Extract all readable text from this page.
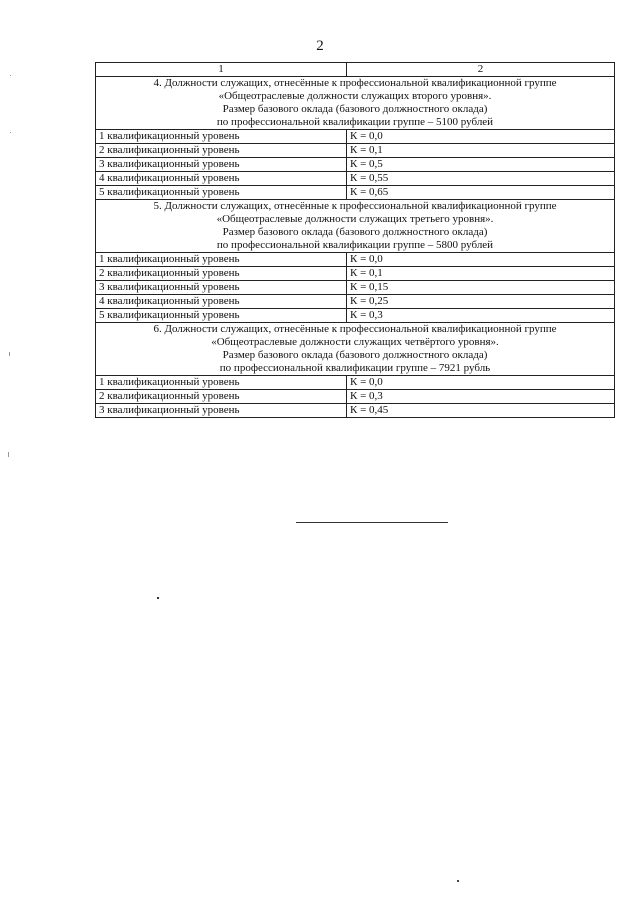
2
1	2
4. Должности служащих, отнесённые к профессиональной квалификационной группе
«Общеотраслевые должности служащих второго уровня».
Размер базового оклада (базового должностного оклада)
по профессиональной квалификации группе – 5100 рублей	
1 квалификационный уровень	К = 0,0
2 квалификационный уровень	К = 0,1
3 квалификационный уровень	К = 0,5
4 квалификационный уровень	К = 0,55
5 квалификационный уровень	К = 0,65
5. Должности служащих, отнесённые к профессиональной квалификационной группе
«Общеотраслевые должности служащих третьего уровня».
Размер базового оклада (базового должностного оклада)
по профессиональной квалификации группе – 5800 рублей	
1 квалификационный уровень	К = 0,0
2 квалификационный уровень	К = 0,1
3 квалификационный уровень	К = 0,15
4 квалификационный уровень	К = 0,25
5 квалификационный уровень	К = 0,3
6. Должности служащих, отнесённые к профессиональной квалификационной группе
«Общеотраслевые должности служащих четвёртого уровня».
Размер базового оклада (базового должностного оклада)
по профессиональной квалификации группе – 7921 рубль	
1 квалификационный уровень	К = 0,0
2 квалификационный уровень	К = 0,3
3 квалификационный уровень	К = 0,45
